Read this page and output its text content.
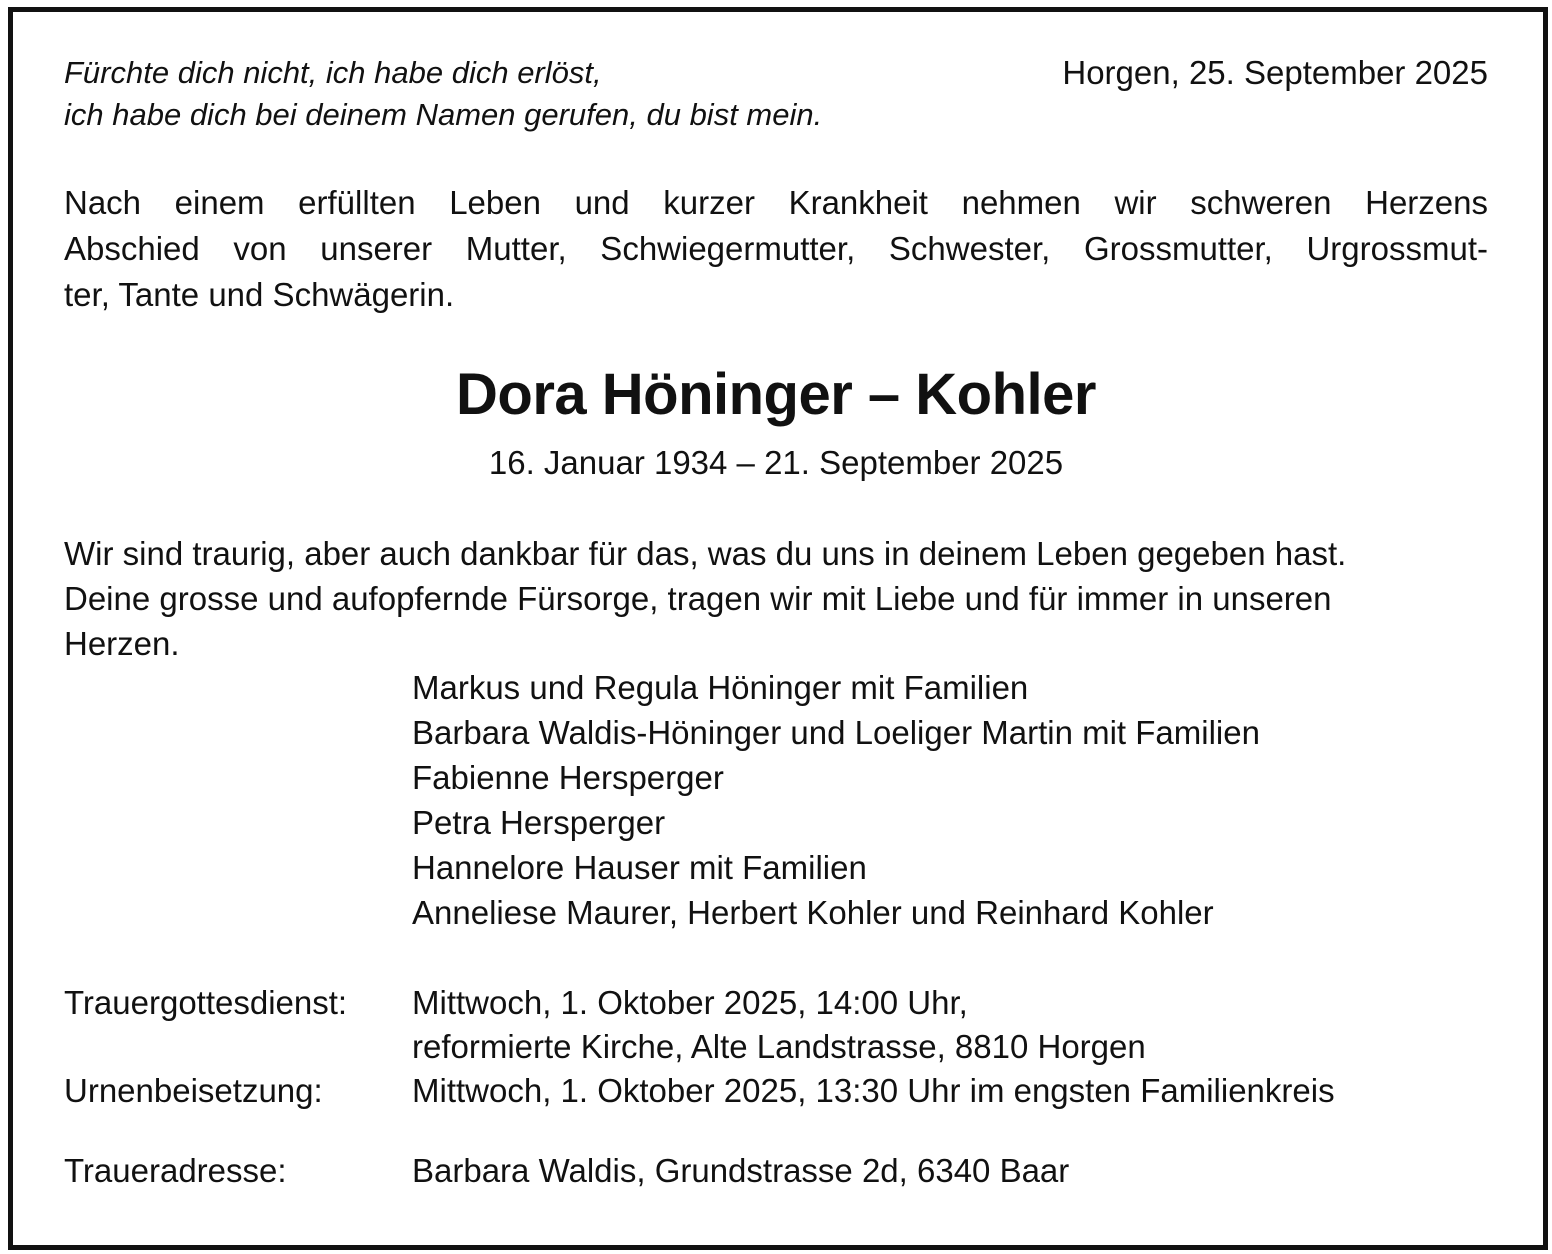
Fürchte dich nicht, ich habe dich erlöst,
ich habe dich bei deinem Namen gerufen, du bist mein.
Horgen, 25. September 2025
Nach einem erfüllten Leben und kurzer Krankheit nehmen wir schweren Herzens
Abschied von unserer Mutter, Schwiegermutter, Schwester, Grossmutter, Urgrossmut-
ter, Tante und Schwägerin.
Dora Höninger – Kohler
16. Januar 1934 – 21. September 2025
Wir sind traurig, aber auch dankbar für das, was du uns in deinem Leben gegeben hast.
Deine grosse und aufopfernde Fürsorge, tragen wir mit Liebe und für immer in unseren
Herzen.
Markus und Regula Höninger mit Familien
Barbara Waldis-Höninger und Loeliger Martin mit Familien
Fabienne Hersperger
Petra Hersperger
Hannelore Hauser mit Familien
Anneliese Maurer, Herbert Kohler und Reinhard Kohler
Trauergottesdienst: Mittwoch, 1. Oktober 2025, 14:00 Uhr,
reformierte Kirche, Alte Landstrasse, 8810 Horgen
Urnenbeisetzung:	Mittwoch, 1. Oktober 2025, 13:30 Uhr im engsten Familienkreis
Traueradresse:	Barbara Waldis, Grundstrasse 2d, 6340 Baar
